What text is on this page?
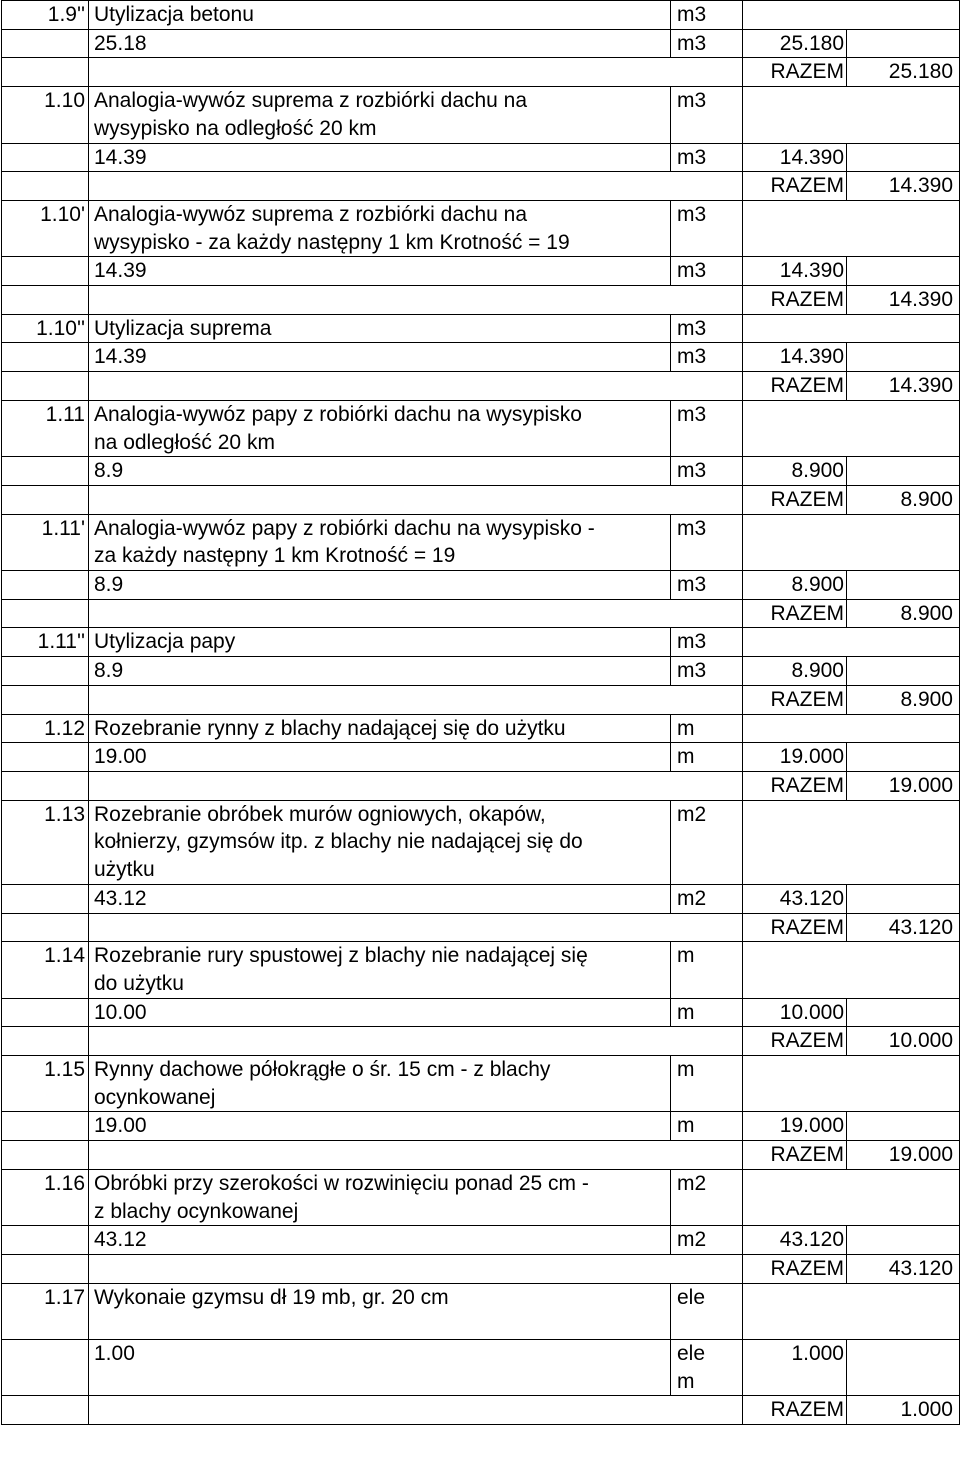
1.9''	Utylizacja betonu	m3		
	25.18	m3	25.180	
			RAZEM	25.180
1.10	Analogia-wywóz suprema z rozbiórki dachu na	m3		
	wysypisko na odległość 20 km			
	14.39	m3	14.390	
			RAZEM	14.390
1.10'	Analogia-wywóz suprema z rozbiórki dachu na	m3		
	wysypisko - za każdy następny 1 km Krotność = 19			
	14.39	m3	14.390	
			RAZEM	14.390
1.10''	Utylizacja suprema	m3		
	14.39	m3	14.390	
			RAZEM	14.390
1.11	Analogia-wywóz papy z robiórki dachu na wysypisko	m3		
	na odległość 20 km			
	8.9	m3	8.900	
			RAZEM	8.900
1.11'	Analogia-wywóz papy z robiórki dachu na wysypisko -	m3		
	za każdy następny 1 km Krotność = 19			
	8.9	m3	8.900	
			RAZEM	8.900
1.11''	Utylizacja papy	m3		
	8.9	m3	8.900	
			RAZEM	8.900
1.12	Rozebranie rynny z blachy nadającej się do użytku	m		
	19.00	m	19.000	
			RAZEM	19.000
1.13	Rozebranie obróbek murów ogniowych, okapów,	m2		
	kołnierzy, gzymsów itp. z blachy nie nadającej się do			
	użytku			
	43.12	m2	43.120	
			RAZEM	43.120
1.14	Rozebranie rury spustowej z blachy nie nadającej się	m		
	do użytku			
	10.00	m	10.000	
			RAZEM	10.000
1.15	Rynny dachowe półokrągłe o śr. 15 cm - z blachy	m		
	ocynkowanej			
	19.00	m	19.000	
			RAZEM	19.000
1.16	Obróbki przy szerokości w rozwinięciu ponad 25 cm -	m2		
	z blachy ocynkowanej			
	43.12	m2	43.120	
			RAZEM	43.120
1.17	Wykonaie gzymsu dł 19 mb, gr. 20 cm	ele		

	1.00	ele	1.000	
		m		
			RAZEM	1.000
